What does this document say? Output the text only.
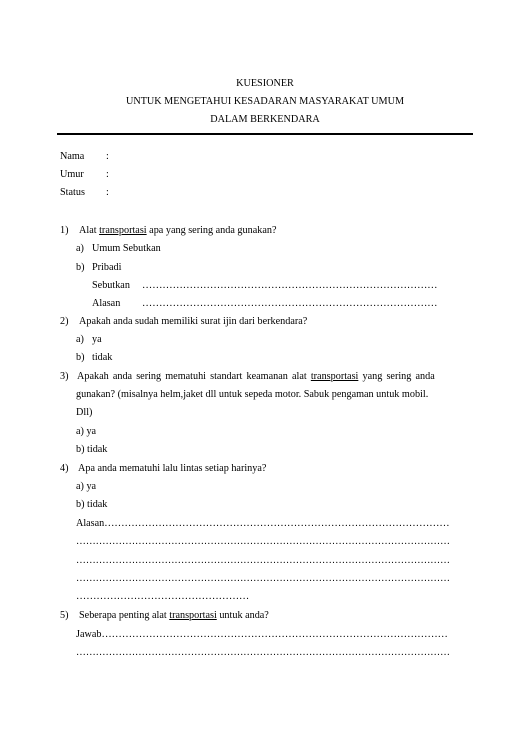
KUESIONER
UNTUK MENGETAHUI KESADARAN MASYARAKAT UMUM
DALAM BERKENDARA
Nama :
Umur :
Status :
1) Alat transportasi apa yang sering anda gunakan?
a) Umum Sebutkan
b) Pribadi
Sebutkan ……………………………………………………………………………
Alasan ……………………………………………………………………………
2) Apakah anda sudah memiliki surat ijin dari berkendara?
a) ya
b) tidak
3) Apakah anda sering mematuhi standart keamanan alat transportasi yang sering anda
gunakan? (misalnya helm,jaket dll untuk sepeda motor. Sabuk pengaman untuk mobil.
Dll)
a) ya
b) tidak
4) Apa anda mematuhi lalu lintas setiap harinya?
a) ya
b) tidak
Alasan…………………………………………………………………………………………
……………………………………………………………………………………………………
……………………………………………………………………………………………………
……………………………………………………………………………………………………
……………………………………………
5) Seberapa penting alat transportasi untuk anda?
Jawab…………………………………………………………………………………………
……………………………………………………………………………………………………
